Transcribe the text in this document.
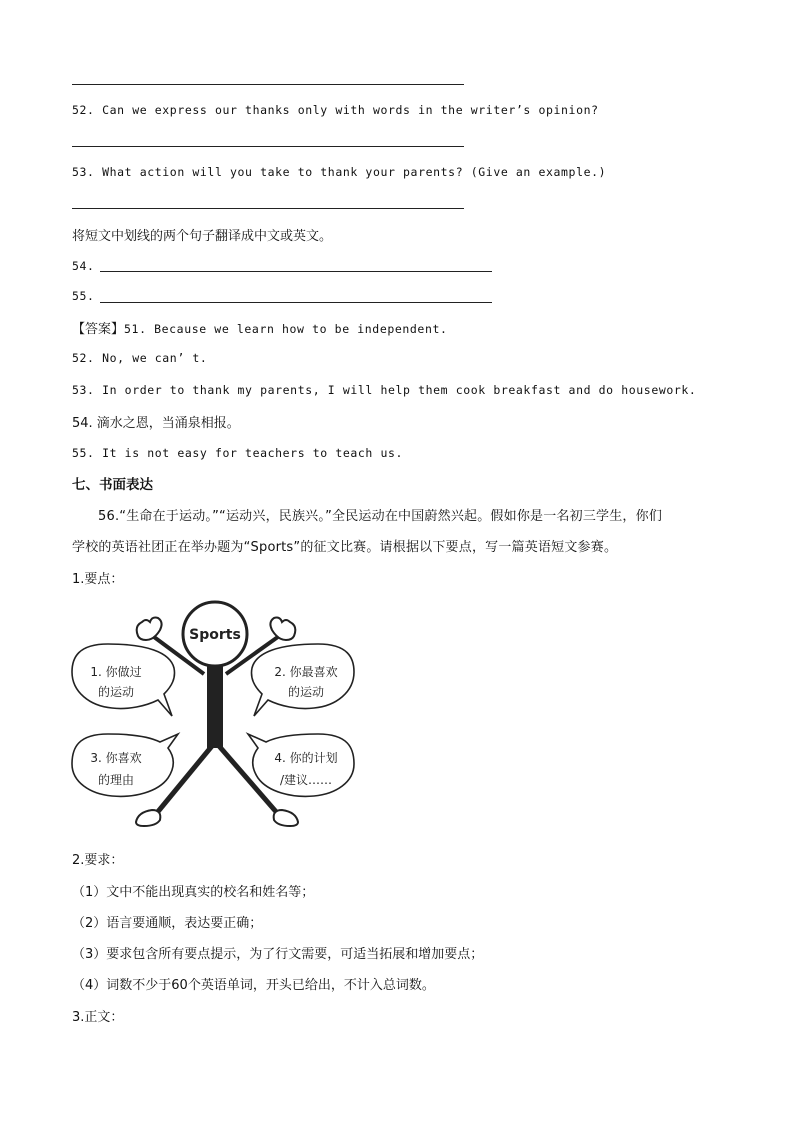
52. Can we express our thanks only with words in the writer’s opinion?
53. What action will you take to thank your parents? (Give an example.)
将短文中划线的两个句子翻译成中文或英文。
54.
55.
【答案】51. Because we learn how to be independent.
52. No, we can’ t.
53. In order to thank my parents, I will help them cook breakfast and do housework.
54. 滴水之恩，当涌泉相报。
55. It is not easy for teachers to teach us.
七、书面表达
56.“生命在于运动。”“运动兴，民族兴。”全民运动在中国蔚然兴起。假如你是一名初三学生，你们
学校的英语社团正在举办题为“Sports”的征文比赛。请根据以下要点，写一篇英语短文参赛。
1.要点：
Sports
1. 你做过
的运动
2. 你最喜欢
的运动
3. 你喜欢
的理由
4. 你的计划
/建议……
2.要求：
（1）文中不能出现真实的校名和姓名等；
（2）语言要通顺，表达要正确；
（3）要求包含所有要点提示，为了行文需要，可适当拓展和增加要点；
（4）词数不少于60个英语单词，开头已给出，不计入总词数。
3.正文：
